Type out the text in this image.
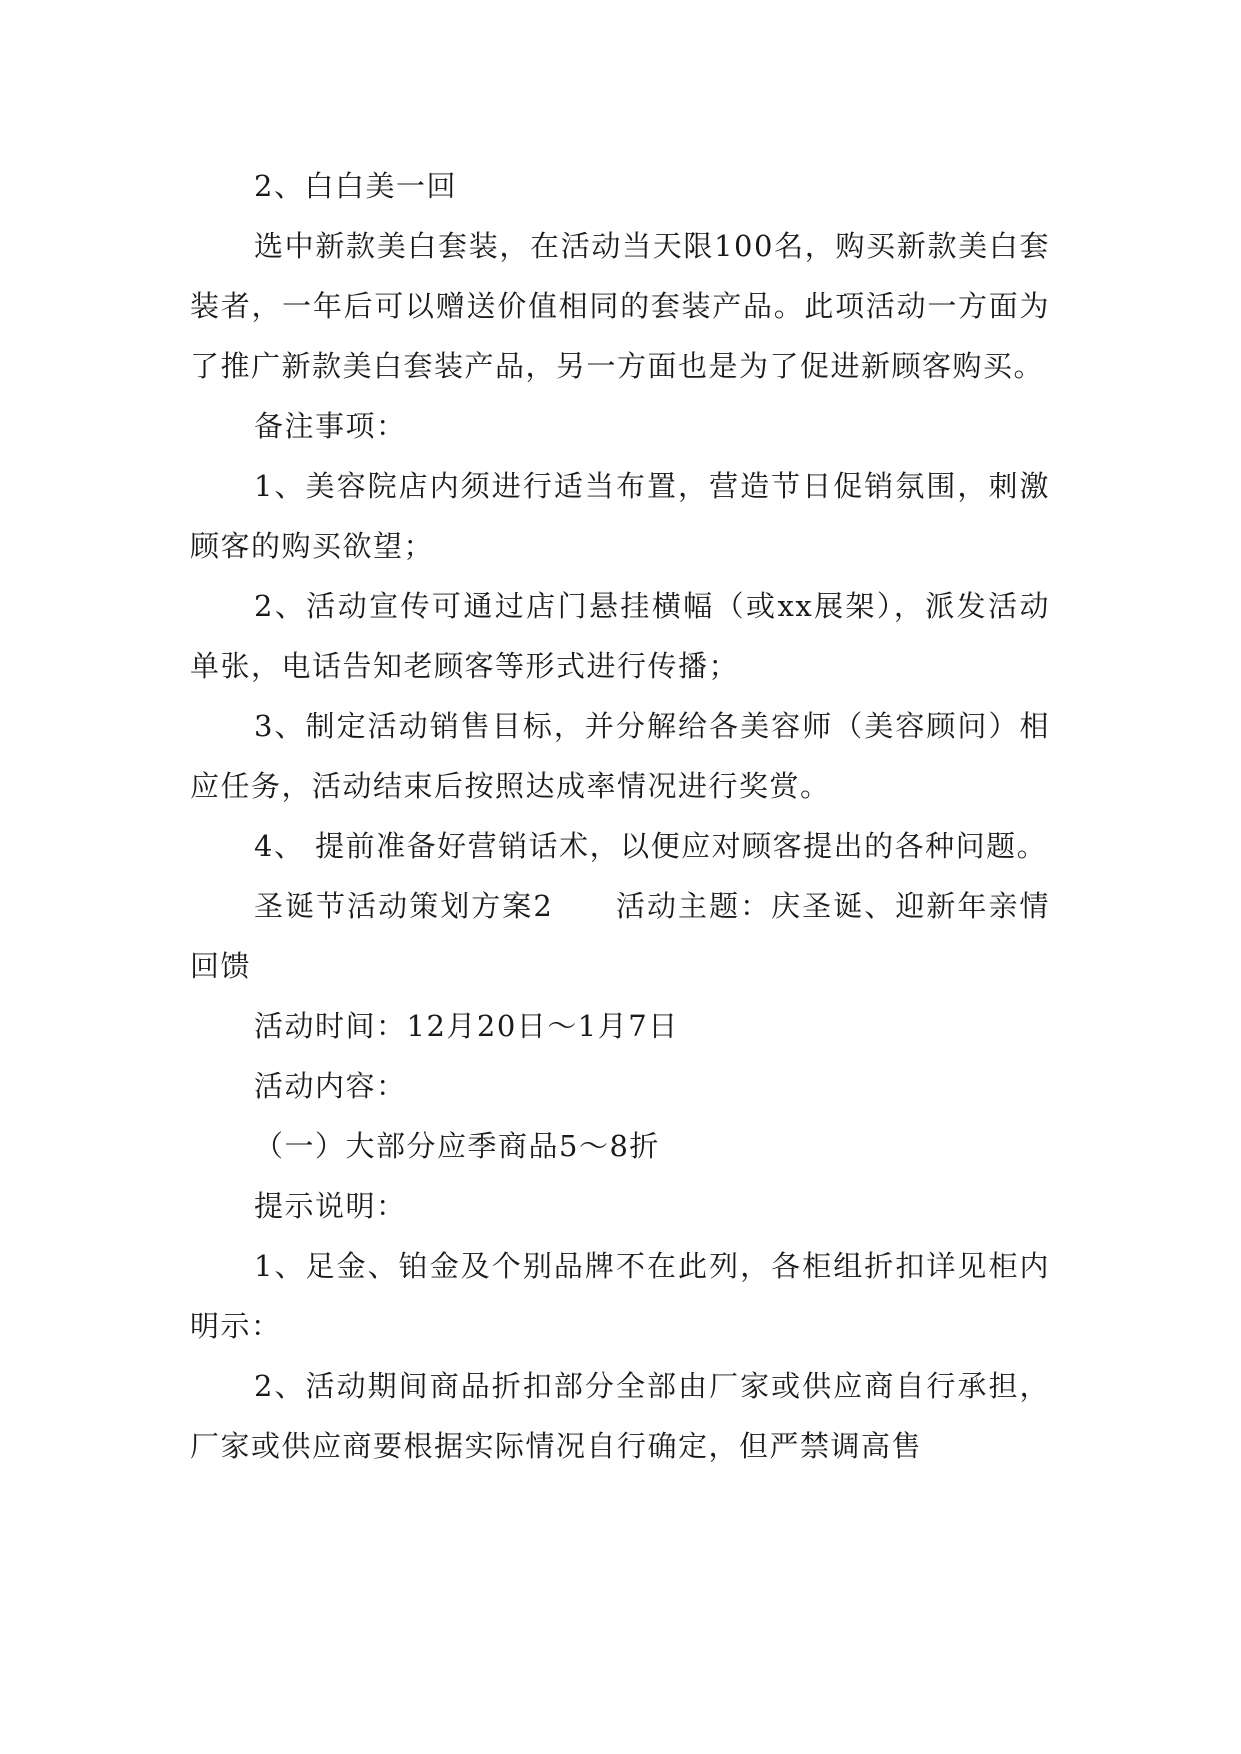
2、白白美一回

选中新款美白套装，在活动当天限100名，购买新款美白套装者，一年后可以赠送价值相同的套装产品。此项活动一方面为了推广新款美白套装产品，另一方面也是为了促进新顾客购买。

备注事项：

1、美容院店内须进行适当布置，营造节日促销氛围，刺激顾客的购买欲望；

2、活动宣传可通过店门悬挂横幅（或xx展架），派发活动单张，电话告知老顾客等形式进行传播；

3、制定活动销售目标，并分解给各美容师（美容顾问）相应任务，活动结束后按照达成率情况进行奖赏。

4、 提前准备好营销话术，以便应对顾客提出的各种问题。

圣诞节活动策划方案2　　活动主题：庆圣诞、迎新年亲情回馈

活动时间：12月20日～1月7日

活动内容：

（一）大部分应季商品5～8折

提示说明：

1、足金、铂金及个别品牌不在此列，各柜组折扣详见柜内明示：

2、活动期间商品折扣部分全部由厂家或供应商自行承担，厂家或供应商要根据实际情况自行确定，但严禁调高售
